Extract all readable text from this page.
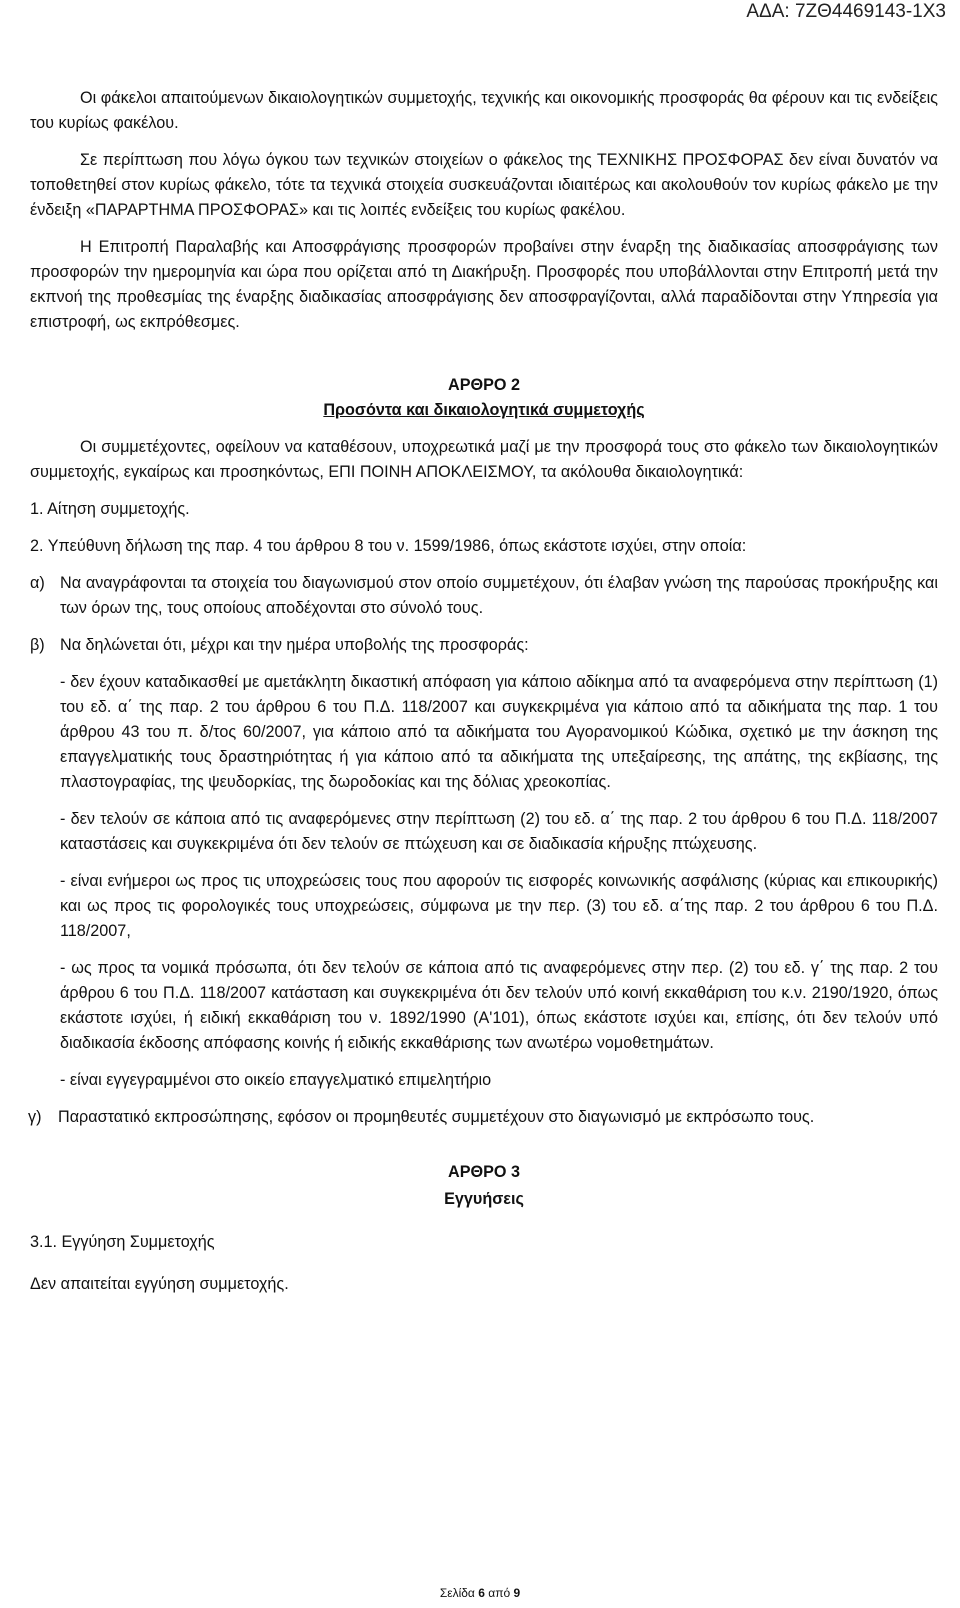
ΑΔΑ: 7ΖΘ4469143-1Χ3

Οι φάκελοι απαιτούμενων δικαιολογητικών συμμετοχής, τεχνικής και οικονομικής προσφοράς θα φέρουν και τις ενδείξεις του κυρίως φακέλου.

Σε περίπτωση που λόγω όγκου των τεχνικών στοιχείων ο φάκελος της ΤΕΧΝΙΚΗΣ ΠΡΟΣΦΟΡΑΣ δεν είναι δυνατόν να τοποθετηθεί στον κυρίως φάκελο, τότε τα τεχνικά στοιχεία συσκευάζονται ιδιαιτέρως και ακολουθούν τον κυρίως φάκελο με την ένδειξη «ΠΑΡΑΡΤΗΜΑ ΠΡΟΣΦΟΡΑΣ» και τις λοιπές ενδείξεις του κυρίως φακέλου.

Η Επιτροπή Παραλαβής και Αποσφράγισης προσφορών προβαίνει στην έναρξη της διαδικασίας αποσφράγισης των προσφορών την ημερομηνία και ώρα που ορίζεται από τη Διακήρυξη. Προσφορές που υποβάλλονται στην Επιτροπή μετά την εκπνοή της προθεσμίας της έναρξης διαδικασίας αποσφράγισης δεν αποσφραγίζονται, αλλά παραδίδονται στην Υπηρεσία για επιστροφή, ως εκπρόθεσμες.

ΑΡΘΡΟ 2

Προσόντα και δικαιολογητικά συμμετοχής

Οι συμμετέχοντες, οφείλουν να καταθέσουν, υποχρεωτικά μαζί με την προσφορά τους στο φάκελο των δικαιολογητικών συμμετοχής, εγκαίρως και προσηκόντως, ΕΠΙ ΠΟΙΝΗ ΑΠΟΚΛΕΙΣΜΟΥ, τα ακόλουθα δικαιολογητικά:

1. Αίτηση συμμετοχής.

2. Υπεύθυνη δήλωση της παρ. 4 του άρθρου 8 του ν. 1599/1986, όπως εκάστοτε ισχύει, στην οποία:

α) Να αναγράφονται τα στοιχεία του διαγωνισμού στον οποίο συμμετέχουν, ότι έλαβαν γνώση της παρούσας προκήρυξης και των όρων της, τους οποίους αποδέχονται στο σύνολό τους.
β) Να δηλώνεται ότι, μέχρι και την ημέρα υποβολής της προσφοράς:

- δεν έχουν καταδικασθεί με αμετάκλητη δικαστική απόφαση για κάποιο αδίκημα από τα αναφερόμενα στην περίπτωση (1) του εδ. α΄ της παρ. 2 του άρθρου 6 του Π.Δ. 118/2007 και συγκεκριμένα για κάποιο από τα αδικήματα της παρ. 1 του άρθρου 43 του π. δ/τος 60/2007, για κάποιο από τα αδικήματα του Αγορανομικού Κώδικα, σχετικό με την άσκηση της επαγγελματικής τους δραστηριότητας ή για κάποιο από τα αδικήματα της υπεξαίρεσης, της απάτης, της εκβίασης, της πλαστογραφίας, της ψευδορκίας, της δωροδοκίας και της δόλιας χρεοκοπίας.

- δεν τελούν σε κάποια από τις αναφερόμενες στην περίπτωση (2) του εδ. α΄ της παρ. 2 του άρθρου 6 του Π.Δ. 118/2007 καταστάσεις και συγκεκριμένα ότι δεν τελούν σε πτώχευση και σε διαδικασία κήρυξης πτώχευσης.

- είναι ενήμεροι ως προς τις υποχρεώσεις τους που αφορούν τις εισφορές κοινωνικής ασφάλισης (κύριας και επικουρικής) και ως προς τις φορολογικές τους υποχρεώσεις, σύμφωνα με την περ. (3) του εδ. α΄της παρ. 2 του άρθρου 6 του Π.Δ. 118/2007,

- ως προς τα νομικά πρόσωπα, ότι δεν τελούν σε κάποια από τις αναφερόμενες στην περ. (2) του εδ. γ΄ της παρ. 2 του άρθρου 6 του Π.Δ. 118/2007 κατάσταση και συγκεκριμένα ότι δεν τελούν υπό κοινή εκκαθάριση του κ.ν. 2190/1920, όπως εκάστοτε ισχύει, ή ειδική εκκαθάριση του ν. 1892/1990 (Α'101), όπως εκάστοτε ισχύει και, επίσης, ότι δεν τελούν υπό διαδικασία έκδοσης απόφασης κοινής ή ειδικής εκκαθάρισης των ανωτέρω νομοθετημάτων.

- είναι εγγεγραμμένοι στο οικείο επαγγελματικό επιμελητήριο

γ) Παραστατικό εκπροσώπησης, εφόσον οι προμηθευτές συμμετέχουν στο διαγωνισμό με εκπρόσωπο τους.
ΑΡΘΡΟ 3
Εγγυήσεις
3.1. Εγγύηση Συμμετοχής

Δεν απαιτείται εγγύηση συμμετοχής.

Σελίδα 6 από 9
